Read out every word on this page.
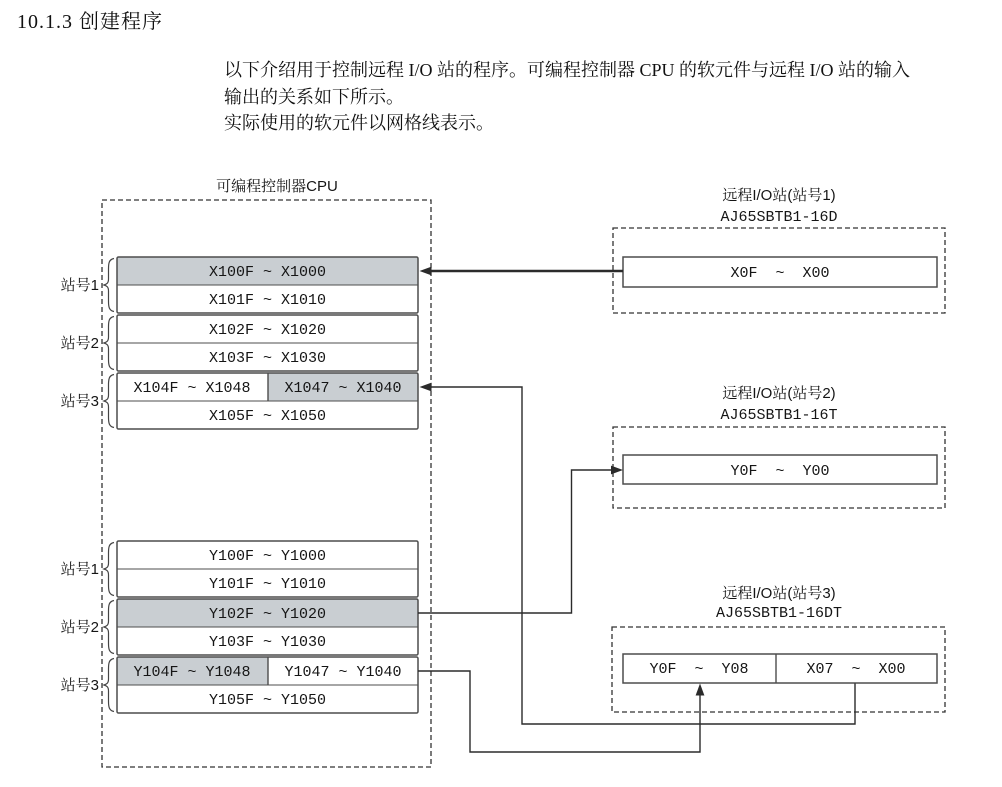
10.1.3 创建程序
以下介绍用于控制远程 I/O 站的程序。可编程控制器 CPU 的软元件与远程 I/O 站的输入
输出的关系如下所示。
实际使用的软元件以网格线表示。
可编程控制器CPU
X100F ~ X1000
X101F ~ X1010
X102F ~ X1020
X103F ~ X1030
X104F ~ X1048 X1047 ~ X1040
X105F ~ X1050
站号1
站号2
站号3
Y100F ~ Y1000
Y101F ~ Y1010
Y102F ~ Y1020
Y103F ~ Y1030
Y104F ~ Y1048 Y1047 ~ Y1040
Y105F ~ Y1050
站号1
站号2
站号3
远程I/O站(站号1)
AJ65SBTB1-16D
X0F  ~  X00
远程I/O站(站号2)
AJ65SBTB1-16T
Y0F  ~  Y00
远程I/O站(站号3)
AJ65SBTB1-16DT
Y0F  ~  Y08	X07  ~  X00
